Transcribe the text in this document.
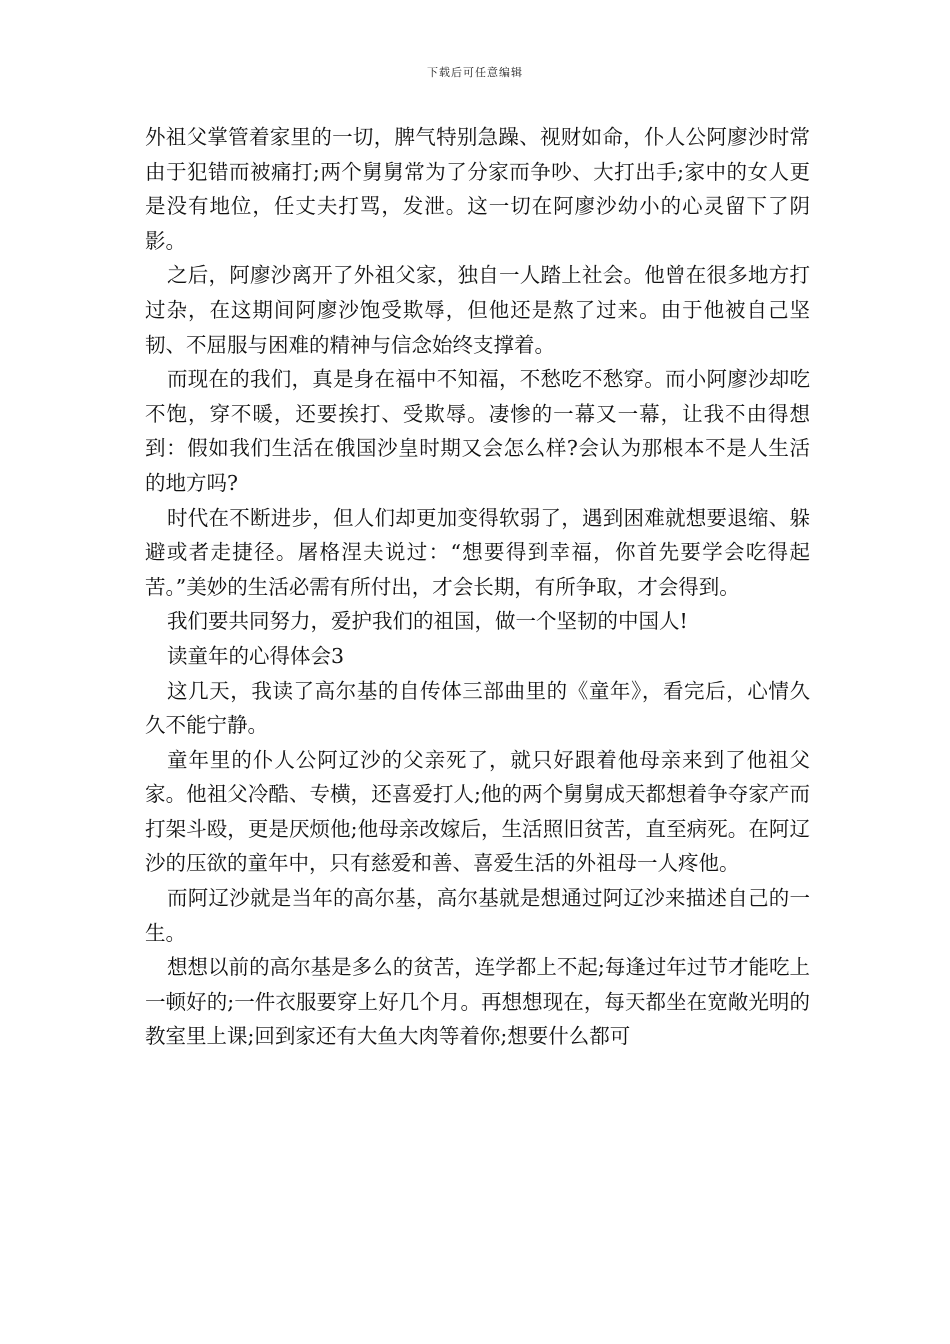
下载后可任意编辑

外祖父掌管着家里的一切，脾气特别急躁、视财如命，仆人公阿廖沙时常由于犯错而被痛打;两个舅舅常为了分家而争吵、大打出手;家中的女人更是没有地位，任丈夫打骂，发泄。这一切在阿廖沙幼小的心灵留下了阴影。

之后，阿廖沙离开了外祖父家，独自一人踏上社会。他曾在很多地方打过杂，在这期间阿廖沙饱受欺辱，但他还是熬了过来。由于他被自己坚韧、不屈服与困难的精神与信念始终支撑着。

而现在的我们，真是身在福中不知福，不愁吃不愁穿。而小阿廖沙却吃不饱，穿不暖，还要挨打、受欺辱。凄惨的一幕又一幕，让我不由得想到：假如我们生活在俄国沙皇时期又会怎么样?会认为那根本不是人生活的地方吗?

时代在不断进步，但人们却更加变得软弱了，遇到困难就想要退缩、躲避或者走捷径。屠格涅夫说过：“想要得到幸福，你首先要学会吃得起苦。”美妙的生活必需有所付出，才会长期，有所争取，才会得到。

我们要共同努力，爱护我们的祖国，做一个坚韧的中国人!

读童年的心得体会3

这几天，我读了高尔基的自传体三部曲里的《童年》，看完后，心情久久不能宁静。

童年里的仆人公阿辽沙的父亲死了，就只好跟着他母亲来到了他祖父家。他祖父冷酷、专横，还喜爱打人;他的两个舅舅成天都想着争夺家产而打架斗殴，更是厌烦他;他母亲改嫁后，生活照旧贫苦，直至病死。在阿辽沙的压欲的童年中，只有慈爱和善、喜爱生活的外祖母一人疼他。

而阿辽沙就是当年的高尔基，高尔基就是想通过阿辽沙来描述自己的一生。

想想以前的高尔基是多么的贫苦，连学都上不起;每逢过年过节才能吃上一顿好的;一件衣服要穿上好几个月。再想想现在，每天都坐在宽敞光明的教室里上课;回到家还有大鱼大肉等着你;想要什么都可
